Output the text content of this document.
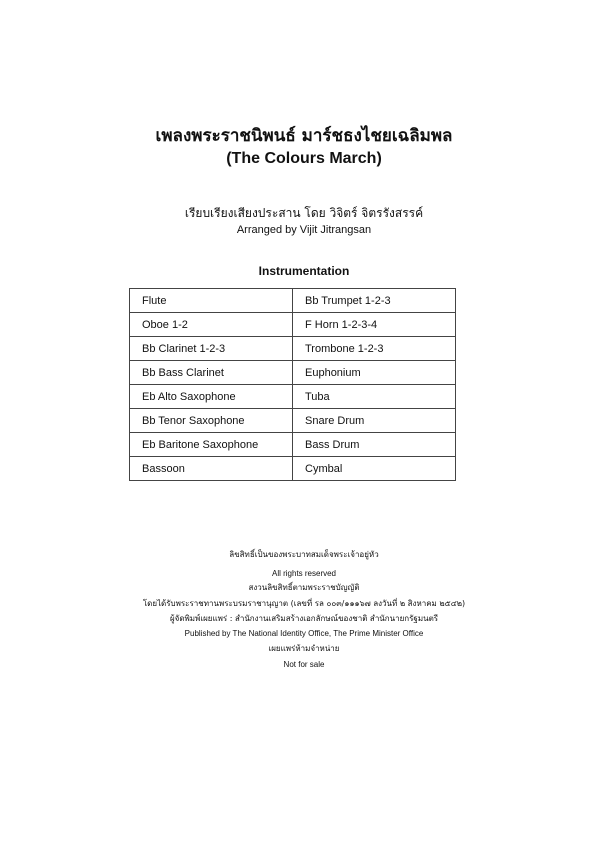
เพลงพระราชนิพนธ์ มาร์ชธงไชยเฉลิมพล
(The Colours March)
เรียบเรียงเสียงประสาน โดย วิจิตร์ จิตรรังสรรค์
Arranged by Vijit Jitrangsan
Instrumentation
Flute	Bb Trumpet 1-2-3
Oboe 1-2	F Horn 1-2-3-4
Bb Clarinet 1-2-3	Trombone 1-2-3
Bb Bass Clarinet	Euphonium
Eb Alto Saxophone	Tuba
Bb Tenor Saxophone	Snare Drum
Eb Baritone Saxophone	Bass Drum
Bassoon	Cymbal
ลิขสิทธิ์เป็นของพระบาทสมเด็จพระเจ้าอยู่หัว
All rights reserved
สงวนลิขสิทธิ์ตามพระราชบัญญัติ
โดยได้รับพระราชทานพระบรมราชานุญาต (เลขที่ รล ๐๐๓/๑๑๑๖๗ ลงวันที่ ๒ สิงหาคม ๒๕๔๒)
ผู้จัดพิมพ์เผยแพร่ : สำนักงานเสริมสร้างเอกลักษณ์ของชาติ สำนักนายกรัฐมนตรี
Published by The National Identity Office, The Prime Minister Office
เผยแพร่ห้ามจำหน่าย
Not for sale
